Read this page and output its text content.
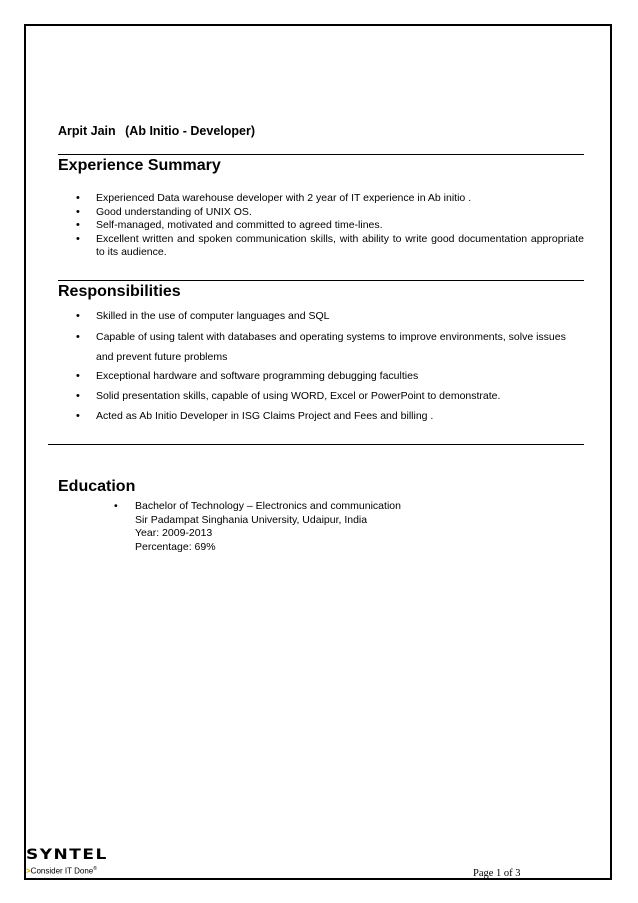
Arpit Jain (Ab Initio - Developer)
Experience Summary
• Experienced Data warehouse developer with 2 year of IT experience in Ab initio .
• Good understanding of UNIX OS.
• Self-managed, motivated and committed to agreed time-lines.
• Excellent written and spoken communication skills, with ability to write good documentation appropriate to its audience.
Responsibilities
• Skilled in the use of computer languages and SQL
• Capable of using talent with databases and operating systems to improve environments, solve issues and prevent future problems
• Exceptional hardware and software programming debugging faculties
• Solid presentation skills, capable of using WORD, Excel or PowerPoint to demonstrate.
• Acted as Ab Initio Developer in ISG Claims Project and Fees and billing .
Education
• Bachelor of Technology – Electronics and communication
Sir Padampat Singhania University, Udaipur, India
Year: 2009-2013
Percentage: 69%
SYNTEL
>Consider IT Done®	Page 1 of 3
